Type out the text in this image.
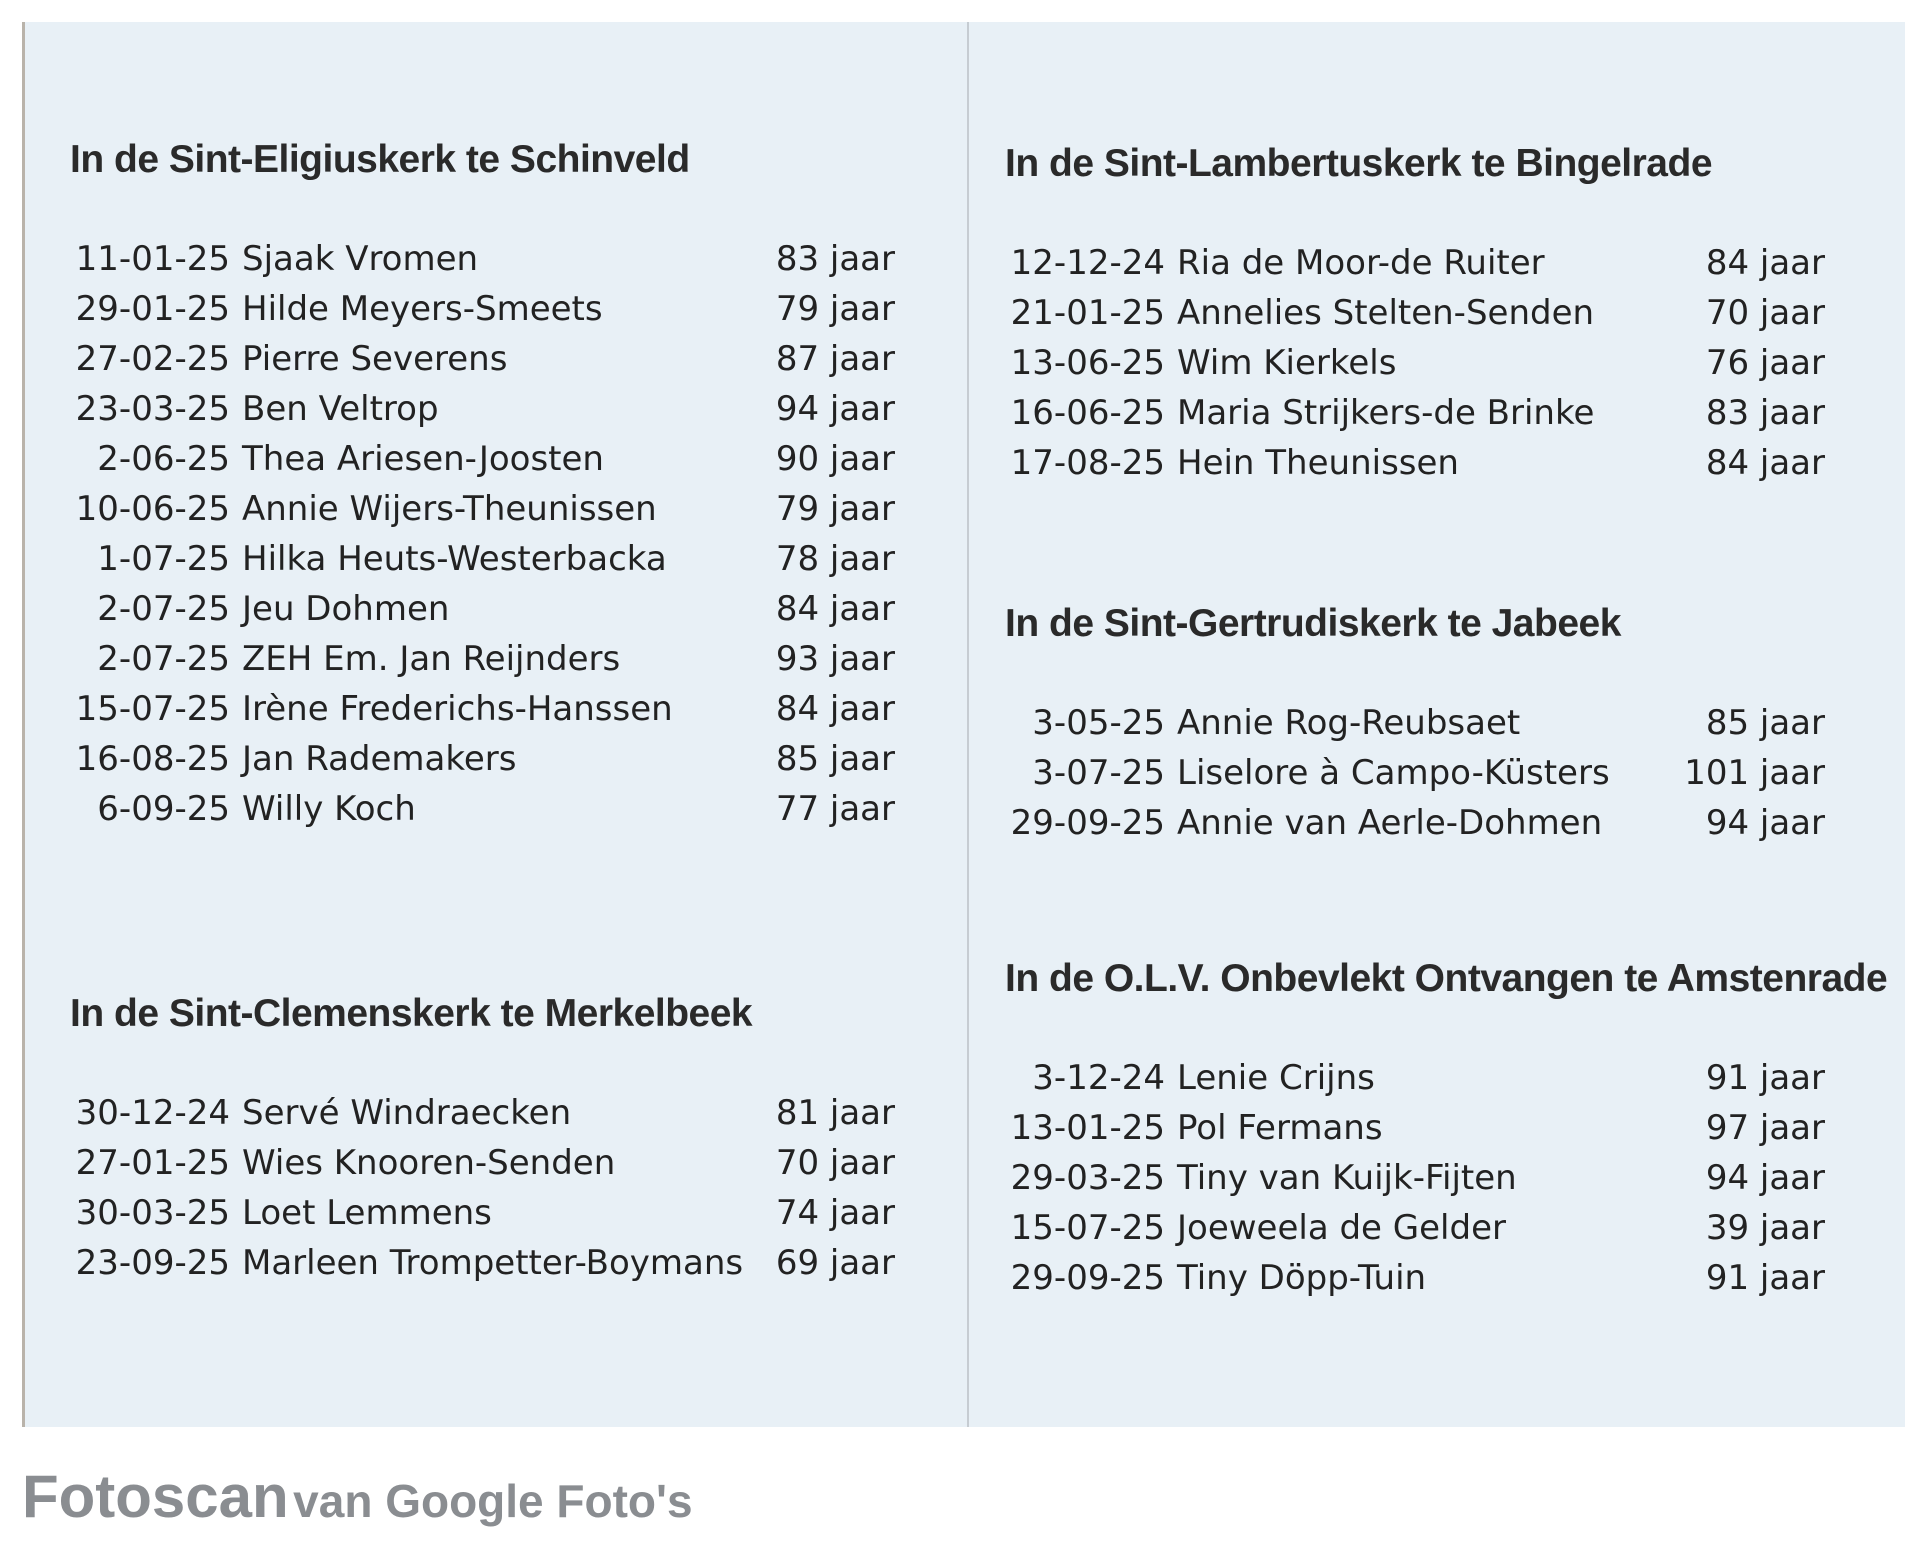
In de Sint-Eligiuskerk te Schinveld
11-01-25 Sjaak Vromen	83 jaar
29-01-25 Hilde Meyers-Smeets	79 jaar
27-02-25 Pierre Severens	87 jaar
23-03-25 Ben Veltrop	94 jaar
2-06-25 Thea Ariesen-Joosten	90 jaar
10-06-25 Annie Wijers-Theunissen	79 jaar
1-07-25 Hilka Heuts-Westerbacka	78 jaar
2-07-25 Jeu Dohmen	84 jaar
2-07-25 ZEH Em. Jan Reijnders	93 jaar
15-07-25 Irène Frederichs-Hanssen	84 jaar
16-08-25 Jan Rademakers	85 jaar
6-09-25 Willy Koch	77 jaar
In de Sint-Clemenskerk te Merkelbeek
30-12-24 Servé Windraecken	81 jaar
27-01-25 Wies Knooren-Senden	70 jaar
30-03-25 Loet Lemmens	74 jaar
23-09-25 Marleen Trompetter-Boymans 69 jaar
In de Sint-Lambertuskerk te Bingelrade
12-12-24 Ria de Moor-de Ruiter	84 jaar
21-01-25 Annelies Stelten-Senden	70 jaar
13-06-25 Wim Kierkels	76 jaar
16-06-25 Maria Strijkers-de Brinke	83 jaar
17-08-25 Hein Theunissen	84 jaar
In de Sint-Gertrudiskerk te Jabeek
3-05-25 Annie Rog-Reubsaet	85 jaar
3-07-25 Liselore à Campo-Küsters	101 jaar
29-09-25 Annie van Aerle-Dohmen	94 jaar
In de O.L.V. Onbevlekt Ontvangen te Amstenrade
3-12-24 Lenie Crijns	91 jaar
13-01-25 Pol Fermans	97 jaar
29-03-25 Tiny van Kuijk-Fijten	94 jaar
15-07-25 Joeweela de Gelder	39 jaar
29-09-25 Tiny Döpp-Tuin	91 jaar
Fotoscan van Google Foto's
